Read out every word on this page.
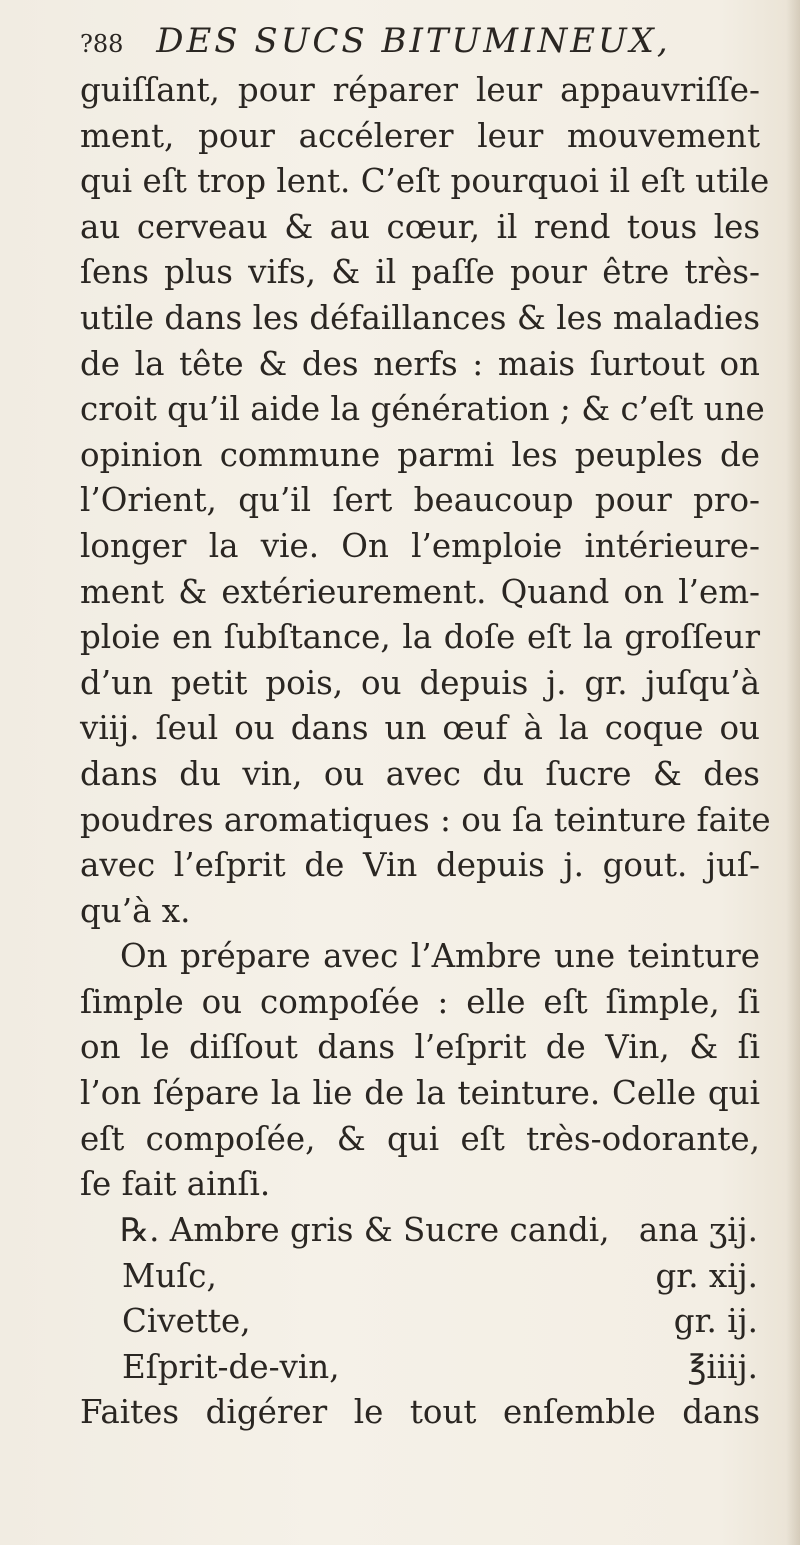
?88 DES SUCS BITUMINEUX,
guiſſant, pour réparer leur appauvriſſe-
ment, pour accélerer leur mouvement
qui eſt trop lent. C’eſt pourquoi il eſt utile
au cerveau & au cœur, il rend tous les
ſens plus vifs, & il paſſe pour être très-
utile dans les défaillances & les maladies
de la tête & des nerfs : mais ſurtout on
croit qu’il aide la génération ; & c’eſt une
opinion commune parmi les peuples de
l’Orient, qu’il ſert beaucoup pour pro-
longer la vie. On l’emploie intérieure-
ment & extérieurement. Quand on l’em-
ploie en ſubſtance, la doſe eſt la groſſeur
d’un petit pois, ou depuis j. gr. juſqu’à
viij. ſeul ou dans un œuf à la coque ou
dans du vin, ou avec du ſucre & des
poudres aromatiques : ou ſa teinture faite
avec l’eſprit de Vin depuis j. gout. juſ-
qu’à x.
On prépare avec l’Ambre une teinture
ſimple ou compoſée : elle eſt ſimple, ſi
on le diſſout dans l’eſprit de Vin, & ſi
l’on ſépare la lie de la teinture. Celle qui
eſt compoſée, & qui eſt très-odorante,
ſe fait ainſi.
℞. Ambre gris & Sucre candi, ana ʒij.
Muſc,	gr. xij.
Civette,	gr. ij.
Eſprit-de-vin,	℥iiij.
Faites digérer le tout enſemble dans
